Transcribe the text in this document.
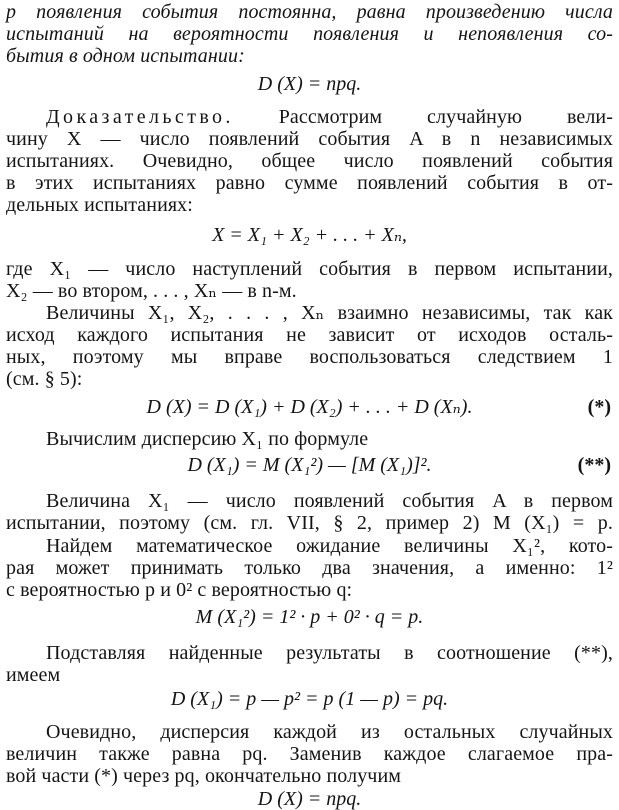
p появления события постоянна, равна произведению числа
испытаний на вероятности появления и непоявления со-
бытия в одном испытании:
D (X) = npq.
Доказательство. Рассмотрим случайную вели-
чину X — число появлений события A в n независимых
испытаниях. Очевидно, общее число появлений события
в этих испытаниях равно сумме появлений события в от-
дельных испытаниях:
X = X₁ + X₂ + . . . + Xₙ,
где X₁ — число наступлений события в первом испытании,
X₂ — во втором, . . . , Xₙ — в n-м.
Величины X₁, X₂, . . . , Xₙ взаимно независимы, так как
исход каждого испытания не зависит от исходов осталь-
ных, поэтому мы вправе воспользоваться следствием 1
(см. § 5):
D (X) = D (X₁) + D (X₂) + . . . + D (Xₙ).	(*)
Вычислим дисперсию X₁ по формуле
D (X₁) = M (X₁²) — [M (X₁)]².	(**)
Величина X₁ — число появлений события A в первом
испытании, поэтому (см. гл. VII, § 2, пример 2) M (X₁) = p.
Найдем математическое ожидание величины X₁², кото-
рая может принимать только два значения, а именно: 1²
с вероятностью p и 0² с вероятностью q:
M (X₁²) = 1² · p + 0² · q = p.
Подставляя найденные результаты в соотношение (**),
имеем
D (X₁) = p — p² = p (1 — p) = pq.
Очевидно, дисперсия каждой из остальных случайных
величин также равна pq. Заменив каждое слагаемое пра-
вой части (*) через pq, окончательно получим
D (X) = npq.
